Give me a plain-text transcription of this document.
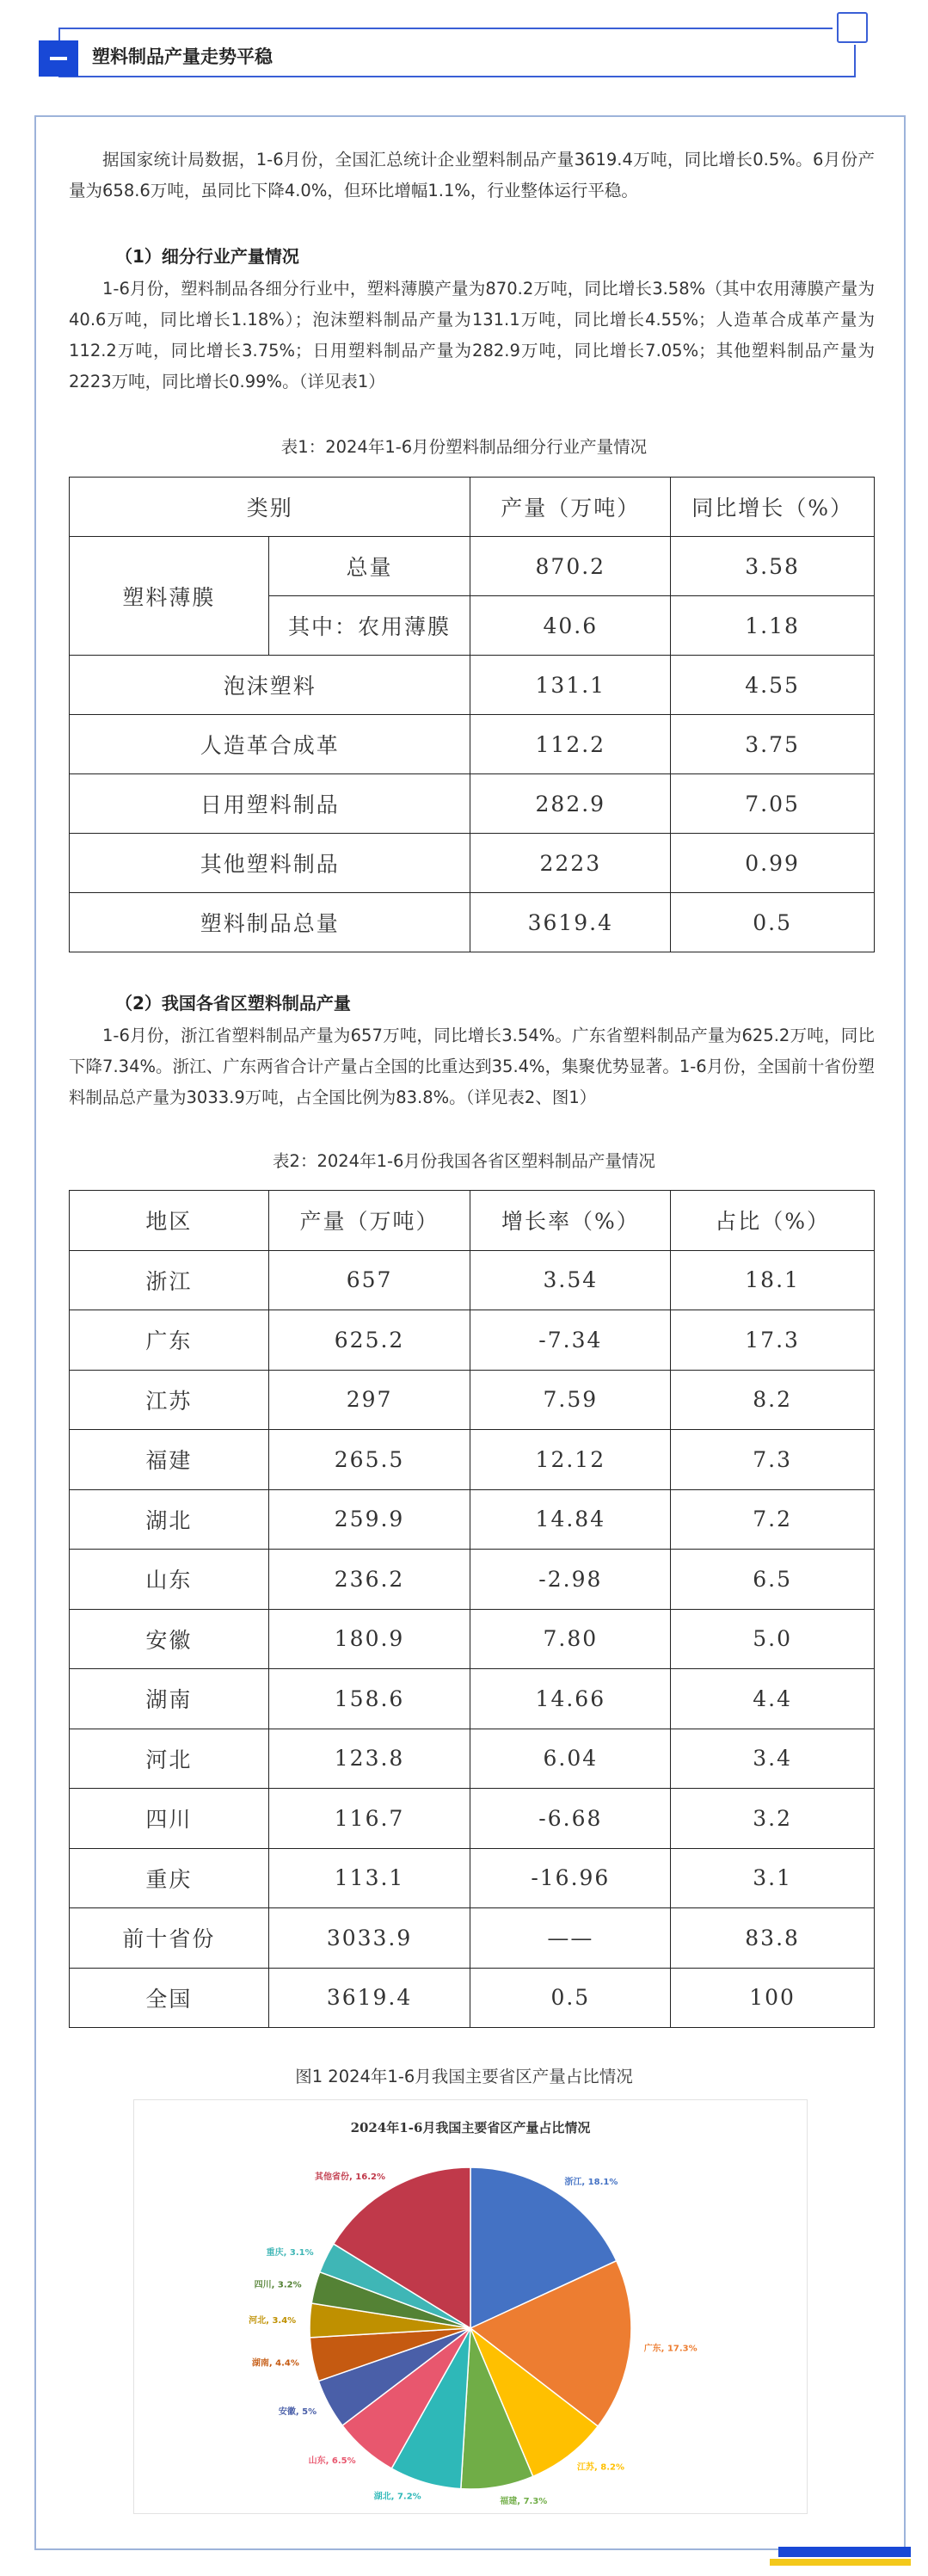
塑料制品产量走势平稳
据国家统计局数据，1-6月份，全国汇总统计企业塑料制品产量3619.4万吨，同比增长0.5%。6月份产量为658.6万吨，虽同比下降4.0%，但环比增幅1.1%，行业整体运行平稳。
（1）细分行业产量情况
1-6月份，塑料制品各细分行业中，塑料薄膜产量为870.2万吨，同比增长3.58%（其中农用薄膜产量为40.6万吨，同比增长1.18%）；泡沫塑料制品产量为131.1万吨，同比增长4.55%；人造革合成革产量为112.2万吨，同比增长3.75%；日用塑料制品产量为282.9万吨，同比增长7.05%；其他塑料制品产量为2223万吨，同比增长0.99%。（详见表1）
表1：2024年1-6月份塑料制品细分行业产量情况
类别		产量（万吨）	同比增长（%）
塑料薄膜	总量	870.2	3.58
	其中：农用薄膜	40.6	1.18
泡沫塑料		131.1	4.55
人造革合成革		112.2	3.75
日用塑料制品		282.9	7.05
其他塑料制品		2223	0.99
塑料制品总量		3619.4	0.5
（2）我国各省区塑料制品产量
1-6月份，浙江省塑料制品产量为657万吨，同比增长3.54%。广东省塑料制品产量为625.2万吨，同比下降7.34%。浙江、广东两省合计产量占全国的比重达到35.4%，集聚优势显著。1-6月份，全国前十省份塑料制品总产量为3033.9万吨，占全国比例为83.8%。（详见表2、图1）
表2：2024年1-6月份我国各省区塑料制品产量情况
地区	产量（万吨）	增长率（%）	占比（%）
浙江	657	3.54	18.1
广东	625.2	-7.34	17.3
江苏	297	7.59	8.2
福建	265.5	12.12	7.3
湖北	259.9	14.84	7.2
山东	236.2	-2.98	6.5
安徽	180.9	7.80	5.0
湖南	158.6	14.66	4.4
河北	123.8	6.04	3.4
四川	116.7	-6.68	3.2
重庆	113.1	-16.96	3.1
前十省份	3033.9	——	83.8
全国	3619.4	0.5	100
图1 2024年1-6月我国主要省区产量占比情况
2024年1-6月我国主要省区产量占比情况
浙江, 18.1%
广东, 17.3%
江苏, 8.2%
福建, 7.3%
湖北, 7.2%
山东, 6.5%
安徽, 5%
湖南, 4.4%
河北, 3.4%
四川, 3.2%
重庆, 3.1%
其他省份, 16.2%
